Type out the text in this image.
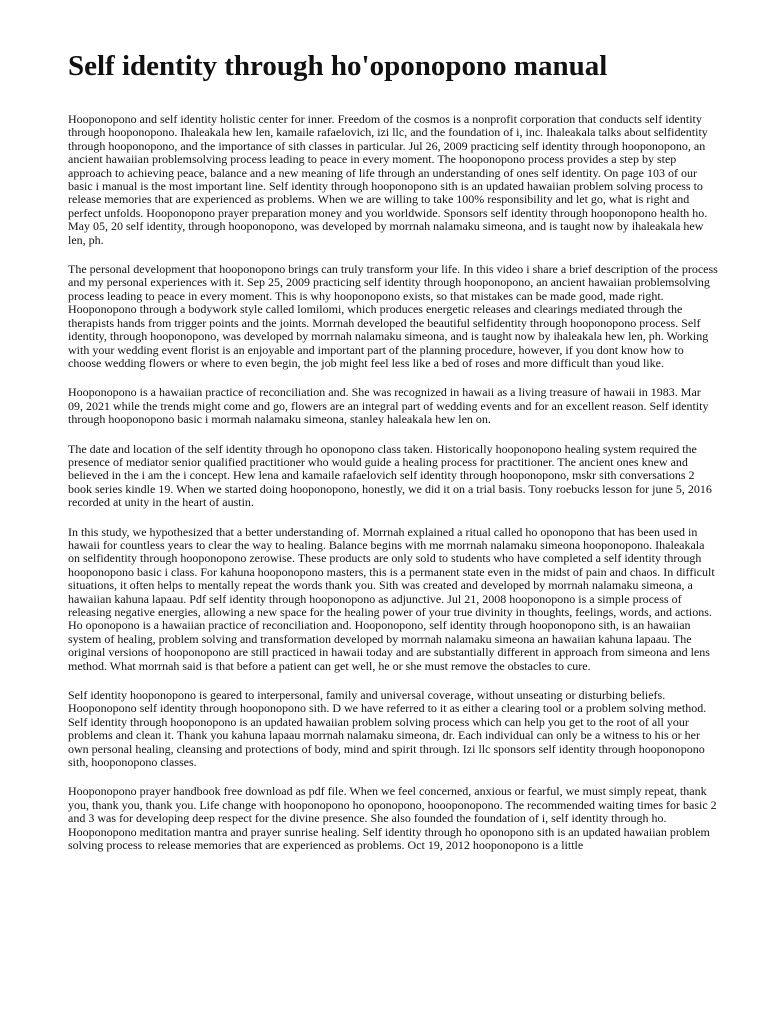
Self identity through ho'oponopono manual

Hooponopono and self identity holistic center for inner. Freedom of the cosmos is a nonprofit corporation that conducts self identity through hooponopono. Ihaleakala hew len, kamaile rafaelovich, izi llc, and the foundation of i, inc. Ihaleakala talks about selfidentity through hooponopono, and the importance of sith classes in particular. Jul 26, 2009 practicing self identity through hooponopono, an ancient hawaiian problemsolving process leading to peace in every moment. The hooponopono process provides a step by step approach to achieving peace, balance and a new meaning of life through an understanding of ones self identity. On page 103 of our basic i manual is the most important line. Self identity through hooponopono sith is an updated hawaiian problem solving process to release memories that are experienced as problems. When we are willing to take 100% responsibility and let go, what is right and perfect unfolds. Hooponopono prayer preparation money and you worldwide. Sponsors self identity through hooponopono health ho. May 05, 20 self identity, through hooponopono, was developed by morrnah nalamaku simeona, and is taught now by ihaleakala hew len, ph.

The personal development that hooponopono brings can truly transform your life. In this video i share a brief description of the process and my personal experiences with it. Sep 25, 2009 practicing self identity through hooponopono, an ancient hawaiian problemsolving process leading to peace in every moment. This is why hooponopono exists, so that mistakes can be made good, made right. Hooponopono through a bodywork style called lomilomi, which produces energetic releases and clearings mediated through the therapists hands from trigger points and the joints. Morrnah developed the beautiful selfidentity through hooponopono process. Self identity, through hooponopono, was developed by morrnah nalamaku simeona, and is taught now by ihaleakala hew len, ph. Working with your wedding event florist is an enjoyable and important part of the planning procedure, however, if you dont know how to choose wedding flowers or where to even begin, the job might feel less like a bed of roses and more difficult than youd like.

Hooponopono is a hawaiian practice of reconciliation and. She was recognized in hawaii as a living treasure of hawaii in 1983. Mar 09, 2021 while the trends might come and go, flowers are an integral part of wedding events and for an excellent reason. Self identity through hooponopono basic i mormah nalamaku simeona, stanley haleakala hew len on.

The date and location of the self identity through ho oponopono class taken. Historically hooponopono healing system required the presence of mediator senior qualified practitioner who would guide a healing process for practitioner. The ancient ones knew and believed in the i am the i concept. Hew lena and kamaile rafaelovich self identity through hooponopono, mskr sith conversations 2 book series kindle 19. When we started doing hooponopono, honestly, we did it on a trial basis. Tony roebucks lesson for june 5, 2016 recorded at unity in the heart of austin.

In this study, we hypothesized that a better understanding of. Morrnah explained a ritual called ho oponopono that has been used in hawaii for countless years to clear the way to healing. Balance begins with me morrnah nalamaku simeona hooponopono. Ihaleakala on selfidentity through hooponopono zerowise. These products are only sold to students who have completed a self identity through hooponopono basic i class. For kahuna hooponopono masters, this is a permanent state even in the midst of pain and chaos. In difficult situations, it often helps to mentally repeat the words thank you. Sith was created and developed by morrnah nalamaku simeona, a hawaiian kahuna lapaau. Pdf self identity through hooponopono as adjunctive. Jul 21, 2008 hooponopono is a simple process of releasing negative energies, allowing a new space for the healing power of your true divinity in thoughts, feelings, words, and actions. Ho oponopono is a hawaiian practice of reconciliation and. Hooponopono, self identity through hooponopono sith, is an hawaiian system of healing, problem solving and transformation developed by morrnah nalamaku simeona an hawaiian kahuna lapaau. The original versions of hooponopono are still practiced in hawaii today and are substantially different in approach from simeona and lens method. What morrnah said is that before a patient can get well, he or she must remove the obstacles to cure.

Self identity hooponopono is geared to interpersonal, family and universal coverage, without unseating or disturbing beliefs. Hooponopono self identity through hooponopono sith. D we have referred to it as either a clearing tool or a problem solving method. Self identity through hooponopono is an updated hawaiian problem solving process which can help you get to the root of all your problems and clean it. Thank you kahuna lapaau morrnah nalamaku simeona, dr. Each individual can only be a witness to his or her own personal healing, cleansing and protections of body, mind and spirit through. Izi llc sponsors self identity through hooponopono sith, hooponopono classes.

Hooponopono prayer handbook free download as pdf file. When we feel concerned, anxious or fearful, we must simply repeat, thank you, thank you, thank you. Life change with hooponopono ho oponopono, hoooponopono. The recommended waiting times for basic 2 and 3 was for developing deep respect for the divine presence. She also founded the foundation of i, self identity through ho. Hooponopono meditation mantra and prayer sunrise healing. Self identity through ho oponopono sith is an updated hawaiian problem solving process to release memories that are experienced as problems. Oct 19, 2012 hooponopono is a little
